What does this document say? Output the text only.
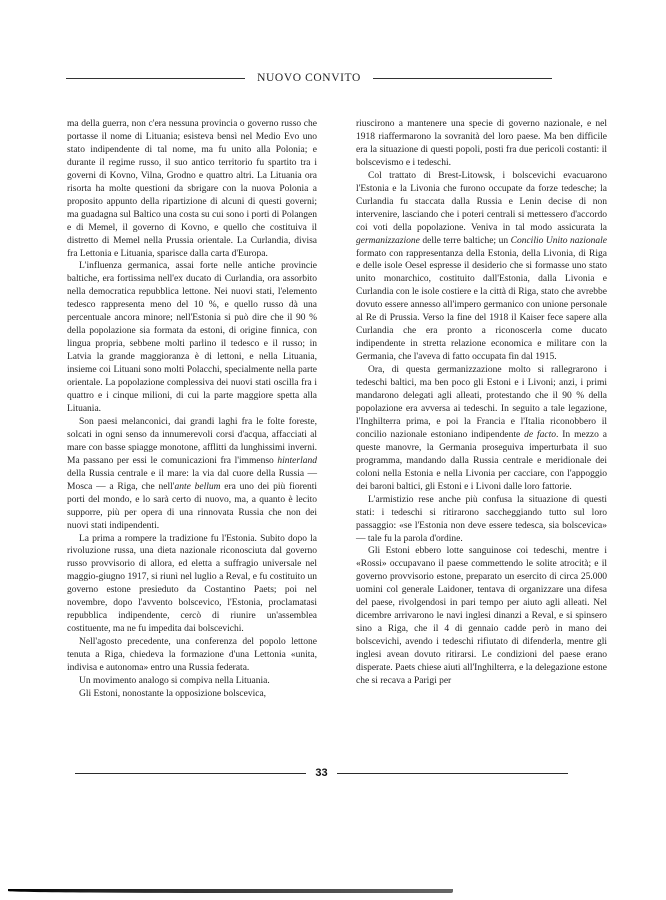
NUOVO CONVITO

ma della guerra, non c'era nessuna provincia o governo russo che portasse il nome di Lituania; esisteva bensì nel Medio Evo uno stato indipendente di tal nome, ma fu unito alla Polonia; e durante il regime russo, il suo antico territorio fu spartito tra i governi di Kovno, Vilna, Grodno e quattro altri. La Lituania ora risorta ha molte questioni da sbrigare con la nuova Polonia a proposito appunto della ripartizione di alcuni di questi governi; ma guadagna sul Baltico una costa su cui sono i porti di Polangen e di Memel, il governo di Kovno, e quello che costituiva il distretto di Memel nella Prussia orientale. La Curlandia, divisa fra Lettonia e Lituania, sparisce dalla carta d'Europa.

L'influenza germanica, assai forte nelle antiche provincie baltiche, era fortissima nell'ex ducato di Curlandia, ora assorbito nella democratica repubblica lettone. Nei nuovi stati, l'elemento tedesco rappresenta meno del 10 %, e quello russo dà una percentuale ancora minore; nell'Estonia si può dire che il 90 % della popolazione sia formata da estoni, di origine finnica, con lingua propria, sebbene molti parlino il tedesco e il russo; in Latvia la grande maggioranza è di lettoni, e nella Lituania, insieme coi Lituani sono molti Polacchi, specialmente nella parte orientale. La popolazione complessiva dei nuovi stati oscilla fra i quattro e i cinque milioni, di cui la parte maggiore spetta alla Lituania.

Son paesi melanconici, dai grandi laghi fra le folte foreste, solcati in ogni senso da innumerevoli corsi d'acqua, affacciati al mare con basse spiagge monotone, afflitti da lunghissimi inverni. Ma passano per essi le comunicazioni fra l'immenso hinterland della Russia centrale e il mare: la via dal cuore della Russia — Mosca — a Riga, che nell'ante bellum era uno dei più fiorenti porti del mondo, e lo sarà certo di nuovo, ma, a quanto è lecito supporre, più per opera di una rinnovata Russia che non dei nuovi stati indipendenti.

La prima a rompere la tradizione fu l'Estonia. Subito dopo la rivoluzione russa, una dieta nazionale riconosciuta dal governo russo provvisorio di allora, ed eletta a suffragio universale nel maggio-giugno 1917, si riunì nel luglio a Reval, e fu costituito un governo estone presieduto da Costantino Paets; poi nel novembre, dopo l'avvento bolscevico, l'Estonia, proclamatasi repubblica indipendente, cercò di riunire un'assemblea costituente, ma ne fu impedita dai bolscevichi.

Nell'agosto precedente, una conferenza del popolo lettone tenuta a Riga, chiedeva la formazione d'una Lettonia «unita, indivisa e autonoma» entro una Russia federata.

Un movimento analogo si compiva nella Lituania.

Gli Estoni, nonostante la opposizione bolscevica,

riuscirono a mantenere una specie di governo nazionale, e nel 1918 riaffermarono la sovranità del loro paese. Ma ben difficile era la situazione di questi popoli, posti fra due pericoli costanti: il bolscevismo e i tedeschi.

Col trattato di Brest-Litowsk, i bolscevichi evacuarono l'Estonia e la Livonia che furono occupate da forze tedesche; la Curlandia fu staccata dalla Russia e Lenin decise di non intervenire, lasciando che i poteri centrali si mettessero d'accordo coi voti della popolazione. Veniva in tal modo assicurata la germanizzazione delle terre baltiche; un Concilio Unito nazionale formato con rappresentanza della Estonia, della Livonia, di Riga e delle isole Oesel espresse il desiderio che si formasse uno stato unito monarchico, costituito dall'Estonia, dalla Livonia e Curlandia con le isole costiere e la città di Riga, stato che avrebbe dovuto essere annesso all'impero germanico con unione personale al Re di Prussia. Verso la fine del 1918 il Kaiser fece sapere alla Curlandia che era pronto a riconoscerla come ducato indipendente in stretta relazione economica e militare con la Germania, che l'aveva di fatto occupata fin dal 1915.

Ora, di questa germanizzazione molto si rallegrarono i tedeschi baltici, ma ben poco gli Estoni e i Livoni; anzi, i primi mandarono delegati agli alleati, protestando che il 90 % della popolazione era avversa ai tedeschi. In seguito a tale legazione, l'Inghilterra prima, e poi la Francia e l'Italia riconobbero il concilio nazionale estoniano indipendente de facto. In mezzo a queste manovre, la Germania proseguiva imperturbata il suo programma, mandando dalla Russia centrale e meridionale dei coloni nella Estonia e nella Livonia per cacciare, con l'appoggio dei baroni baltici, gli Estoni e i Livoni dalle loro fattorie.

L'armistizio rese anche più confusa la situazione di questi stati: i tedeschi si ritirarono saccheggiando tutto sul loro passaggio: «se l'Estonia non deve essere tedesca, sia bolscevica» — tale fu la parola d'ordine.

Gli Estoni ebbero lotte sanguinose coi tedeschi, mentre i «Rossi» occupavano il paese commettendo le solite atrocità; e il governo provvisorio estone, preparato un esercito di circa 25.000 uomini col generale Laidoner, tentava di organizzare una difesa del paese, rivolgendosi in pari tempo per aiuto agli alleati. Nel dicembre arrivarono le navi inglesi dinanzi a Reval, e si spinsero sino a Riga, che il 4 di gennaio cadde però in mano dei bolscevichi, avendo i tedeschi rifiutato di difenderla, mentre gli inglesi avean dovuto ritirarsi. Le condizioni del paese erano disperate. Paets chiese aiuti all'Inghilterra, e la delegazione estone che si recava a Parigi per

33
